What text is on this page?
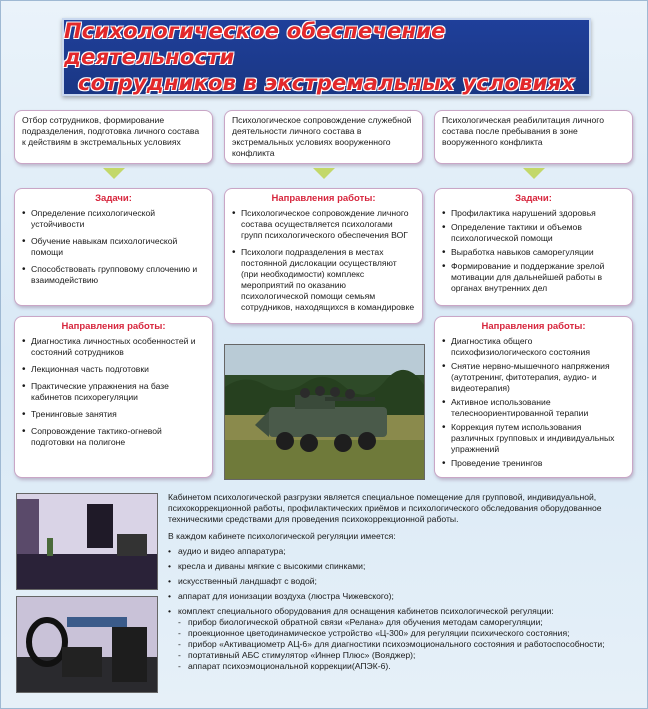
Психологическое обеспечение деятельности
сотрудников в экстремальных условиях
Отбор сотрудников, формирование подразделения, подготовка личного состава к действиям в экстремальных условиях
Психологическое сопровождение служебной деятельности личного состава в экстремальных условиях вооруженного конфликта
Психологическая реабилитация личного состава после пребывания в зоне вооруженного конфликта
Задачи:
• Определение психологической устойчивости
• Обучение навыкам психологической помощи
• Способствовать групповому сплочению и взаимодействию
Направления работы:
• Диагностика личностных особенностей и состояний сотрудников
• Лекционная часть подготовки
• Практические упражнения на базе кабинетов психорегуляции
• Тренинговые занятия
• Сопровождение тактико-огневой подготовки на полигоне
Направления работы:
• Психологическое сопровождение личного состава осуществляется психологами групп психологического обеспечения ВОГ
• Психологи подразделения в местах постоянной дислокации осуществляют (при необходимости) комплекс мероприятий по оказанию психологической помощи семьям сотрудников, находящихся в командировке
Задачи:
• Профилактика нарушений здоровья
• Определение тактики и объемов психологической помощи
• Выработка навыков саморегуляции
• Формирование и поддержание зрелой мотивации для дальнейшей работы в органах внутренних дел
Направления работы:
• Диагностика общего психофизиологического состояния
• Снятие нервно-мышечного напряжения (аутотренинг, фитотерапия, аудио- и видеотерапия)
• Активное использование телесноориентированной терапии
• Коррекция путем использования различных групповых и индивидуальных упражнений
• Проведение тренингов

Кабинетом психологической разгрузки является специальное помещение для групповой, индивидуальной, психокоррекционной работы, профилактических приёмов и психологического обследования оборудованное техническими средствами для проведения психокоррекционной работы.

В каждом кабинете психологической регуляции имеется:

• аудио и видео аппаратура;
• кресла и диваны мягкие с высокими спинками;
• искусственный ландшафт с водой;
• аппарат для ионизации воздуха (люстра Чижевского);
• комплект специального оборудования для оснащения кабинетов психологической регуляции:
- прибор биологической обратной связи «Релана» для обучения методам саморегуляции;
- проекционное цветодинамическое устройство «Ц-300» для регуляции психического состояния;
- прибор «Активациометр АЦ-6» для диагностики психоэмоционального состояния и работоспособности;
- портативный АБС стимулятор «Иннер Плюс» (Вояджер);
- аппарат психоэмоциональной коррекции(АПЭК-6).
